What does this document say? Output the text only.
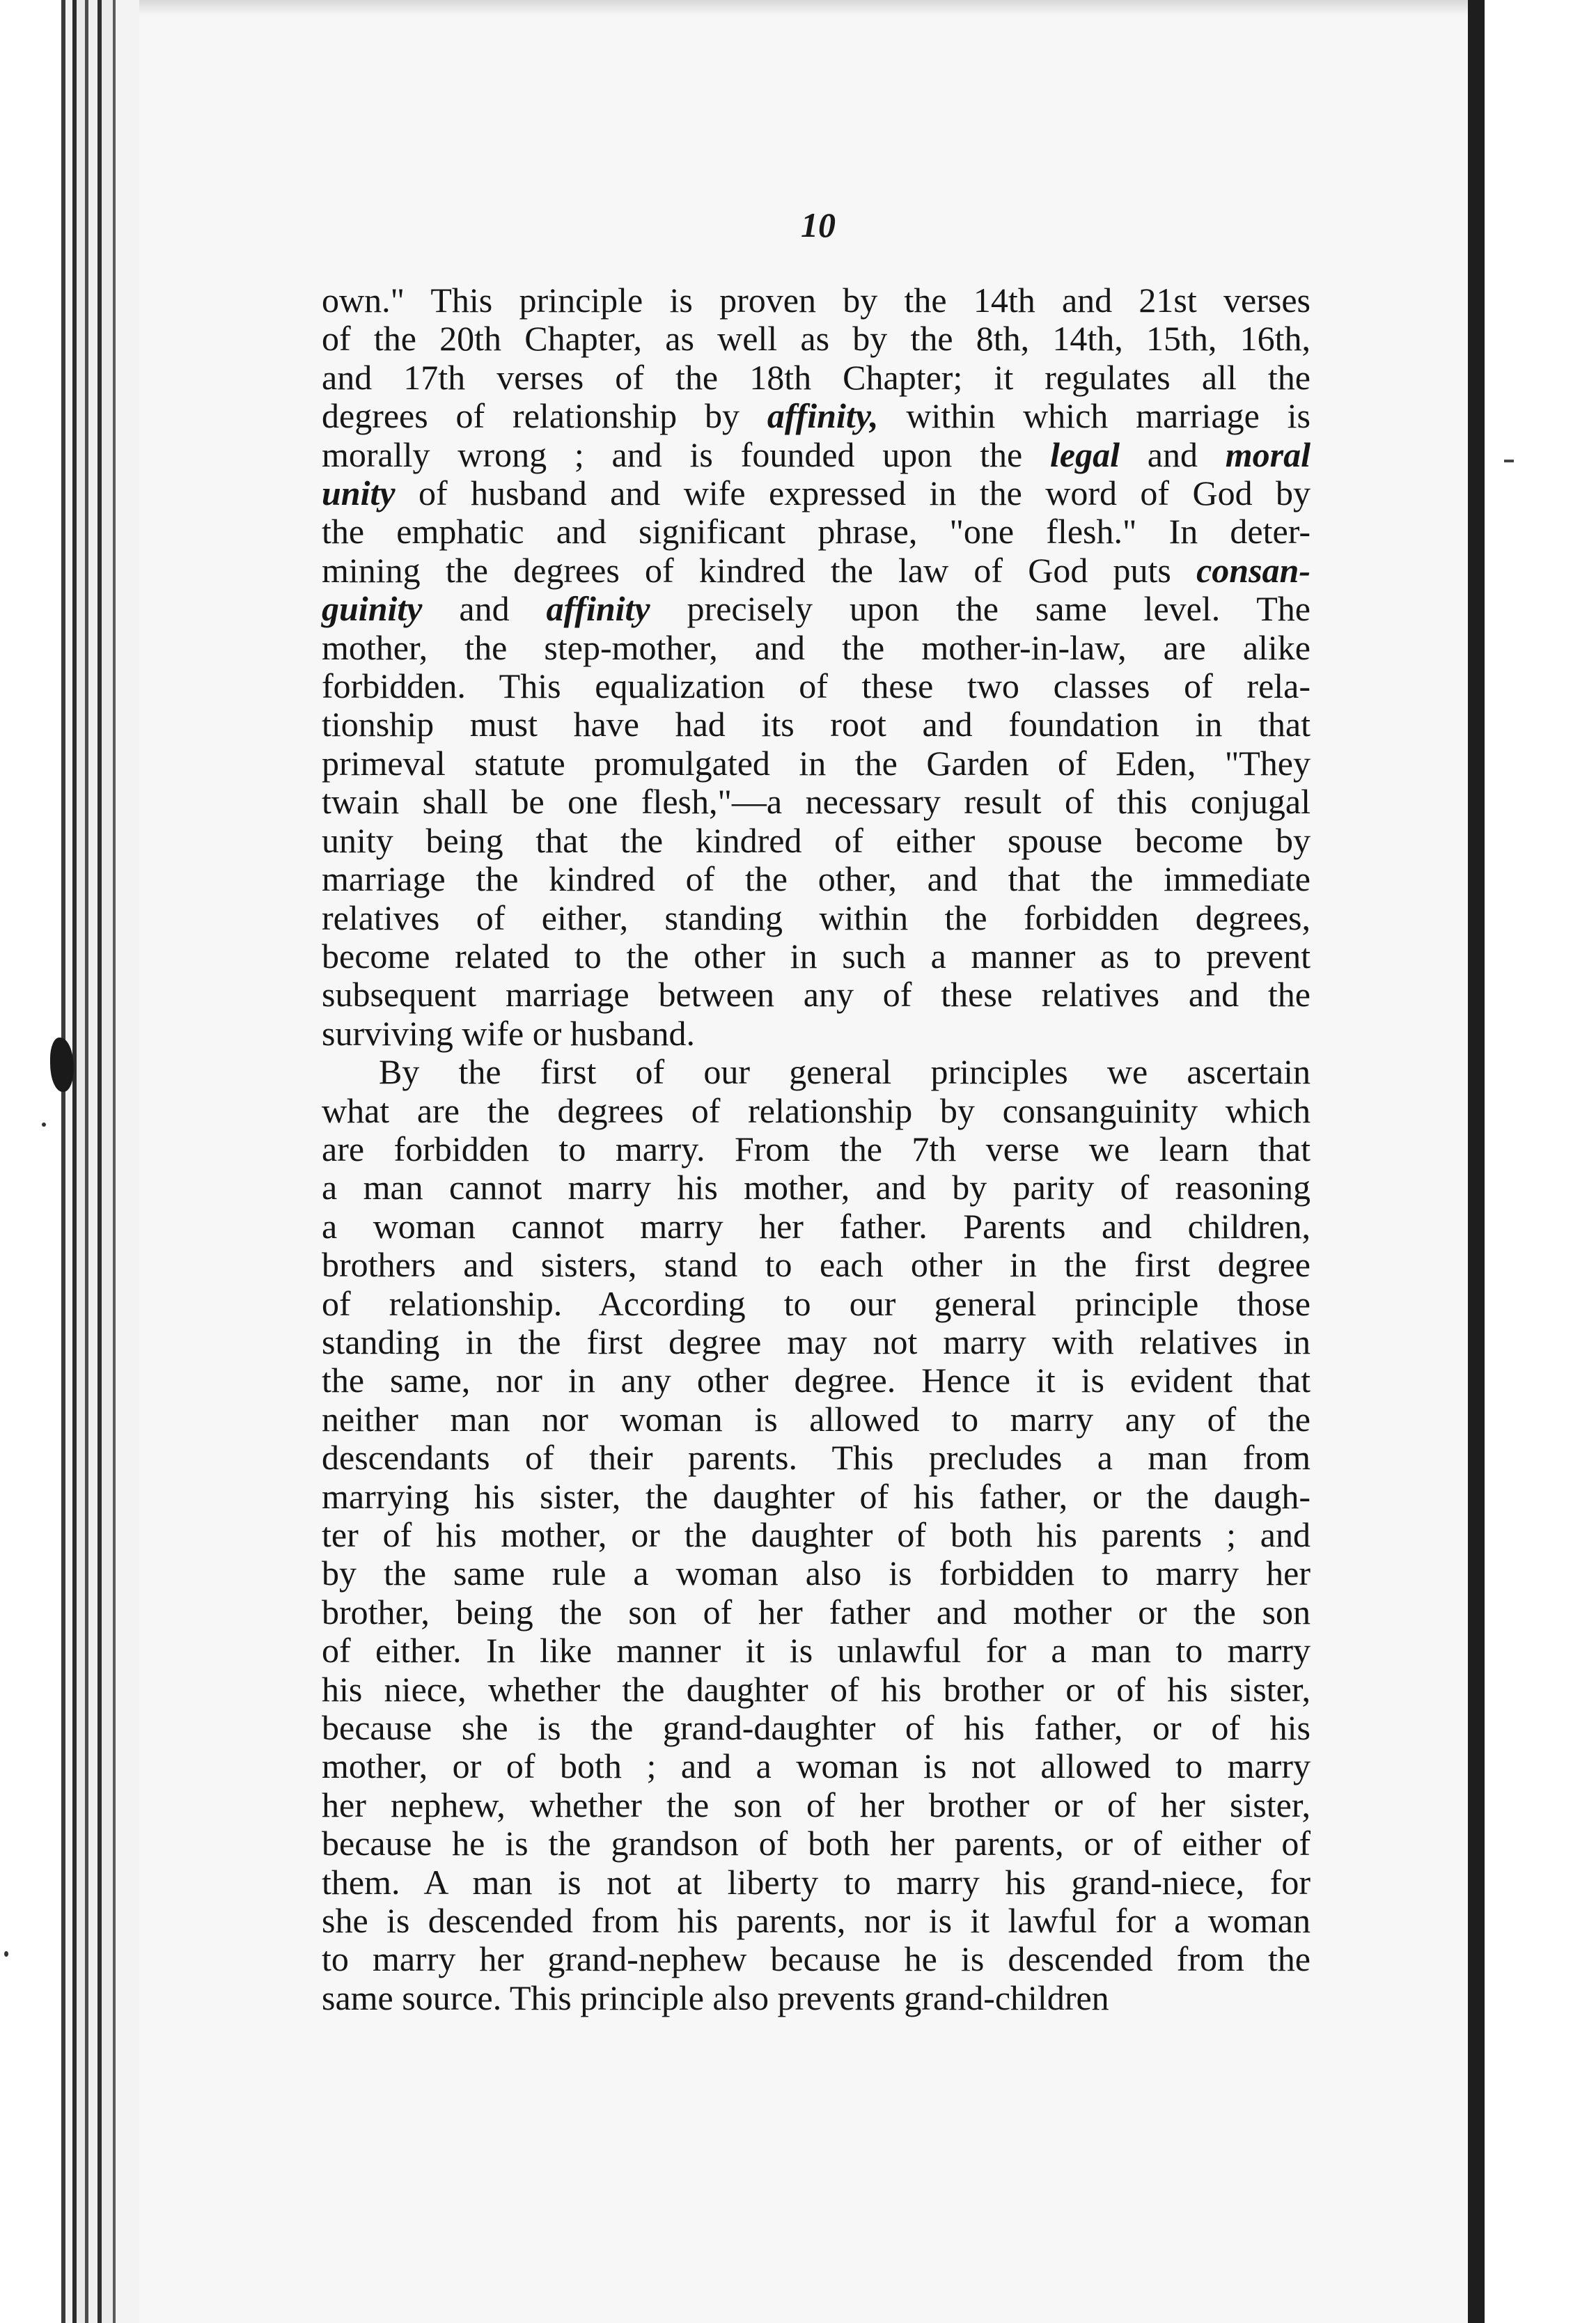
10
own." This principle is proven by the 14th and 21st verses
of the 20th Chapter, as well as by the 8th, 14th, 15th, 16th,
and 17th verses of the 18th Chapter; it regulates all the
degrees of relationship by affinity, within which marriage is
morally wrong ; and is founded upon the legal and moral
unity of husband and wife expressed in the word of God by
the emphatic and significant phrase, "one flesh." In deter-
mining the degrees of kindred the law of God puts consan-
guinity and affinity precisely upon the same level. The
mother, the step-mother, and the mother-in-law, are alike
forbidden. This equalization of these two classes of rela-
tionship must have had its root and foundation in that
primeval statute promulgated in the Garden of Eden, "They
twain shall be one flesh,"—a necessary result of this conjugal
unity being that the kindred of either spouse become by
marriage the kindred of the other, and that the immediate
relatives of either, standing within the forbidden degrees,
become related to the other in such a manner as to prevent
subsequent marriage between any of these relatives and the
surviving wife or husband.
By the first of our general principles we ascertain
what are the degrees of relationship by consanguinity which
are forbidden to marry. From the 7th verse we learn that
a man cannot marry his mother, and by parity of reasoning
a woman cannot marry her father. Parents and children,
brothers and sisters, stand to each other in the first degree
of relationship. According to our general principle those
standing in the first degree may not marry with relatives in
the same, nor in any other degree. Hence it is evident that
neither man nor woman is allowed to marry any of the
descendants of their parents. This precludes a man from
marrying his sister, the daughter of his father, or the daugh-
ter of his mother, or the daughter of both his parents ; and
by the same rule a woman also is forbidden to marry her
brother, being the son of her father and mother or the son
of either. In like manner it is unlawful for a man to marry
his niece, whether the daughter of his brother or of his sister,
because she is the grand-daughter of his father, or of his
mother, or of both ; and a woman is not allowed to marry
her nephew, whether the son of her brother or of her sister,
because he is the grandson of both her parents, or of either of
them. A man is not at liberty to marry his grand-niece, for
she is descended from his parents, nor is it lawful for a woman
to marry her grand-nephew because he is descended from the
same source. This principle also prevents grand-children
